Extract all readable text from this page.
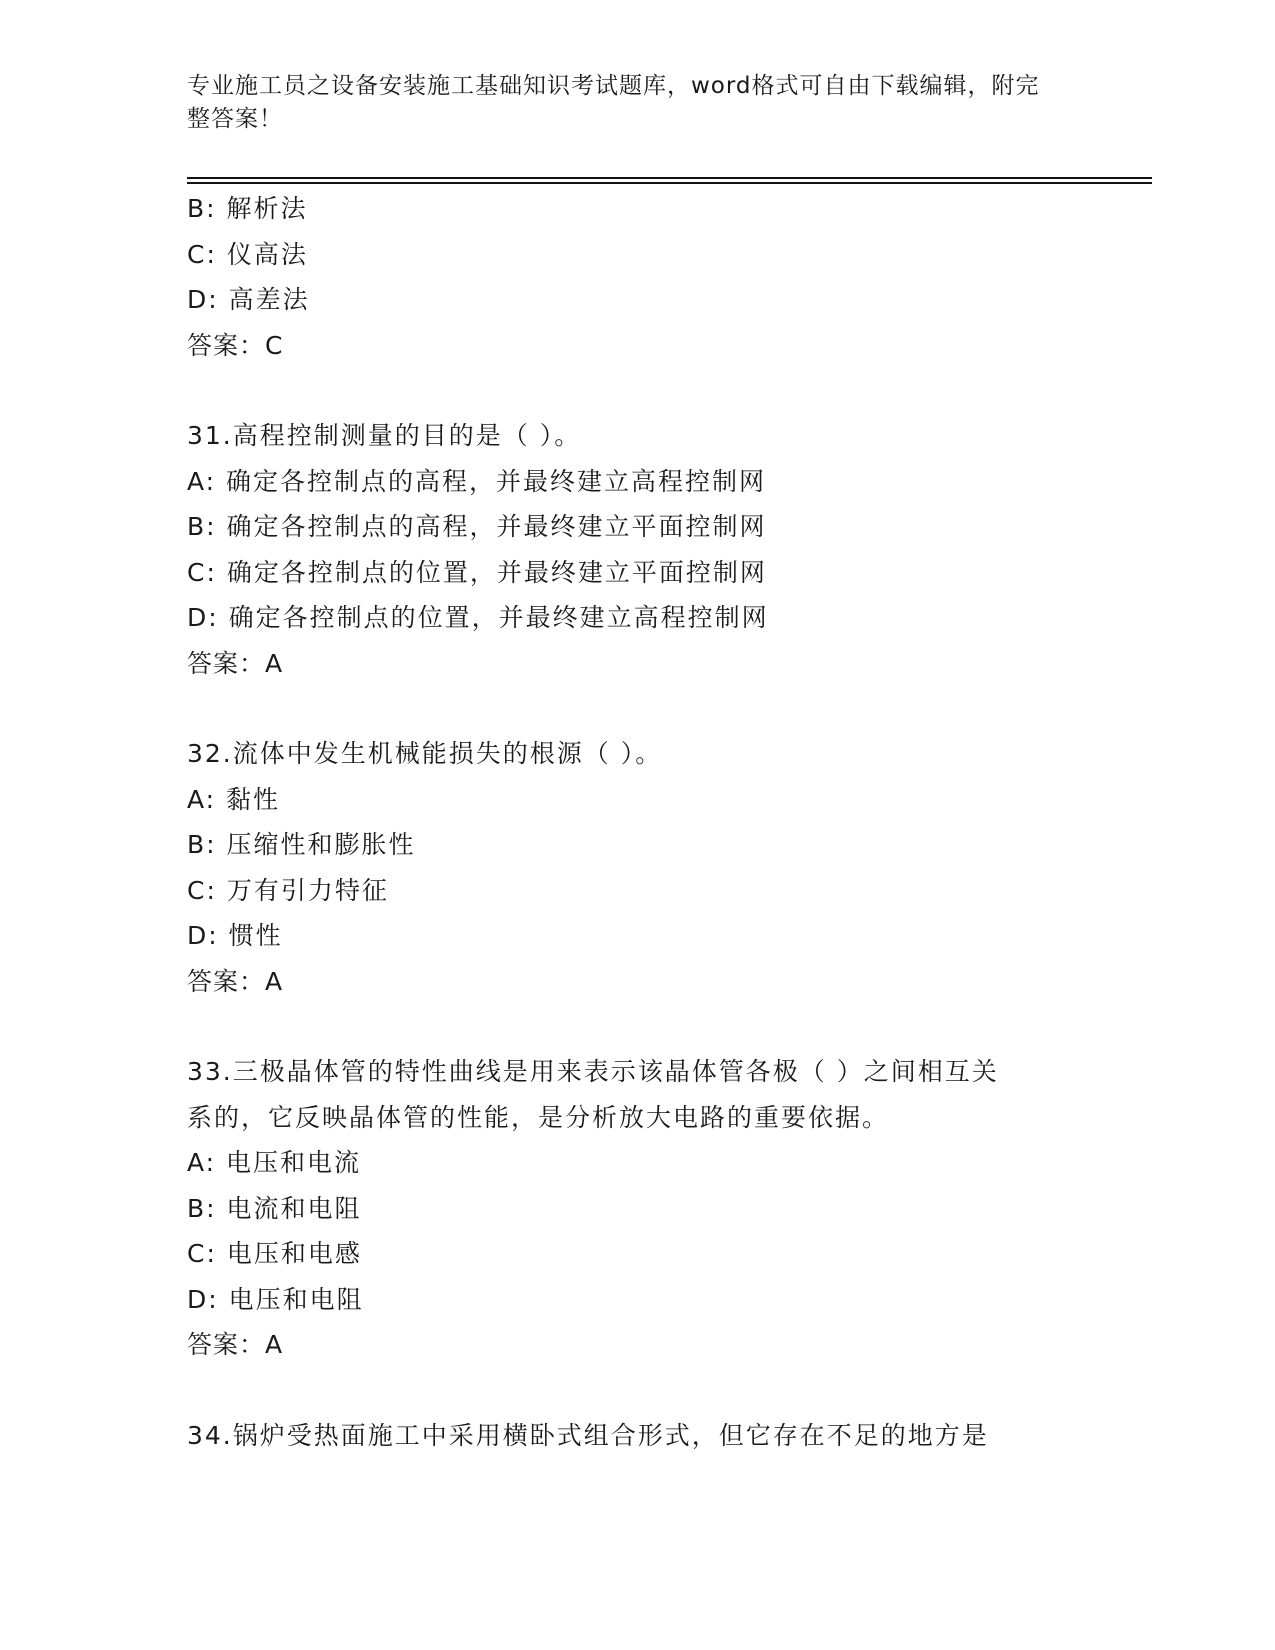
专业施工员之设备安装施工基础知识考试题库，word格式可自由下载编辑，附完
整答案！
B: 解析法
C: 仪高法
D: 高差法
答案：C
31.高程控制测量的目的是（ ）。
A: 确定各控制点的高程，并最终建立高程控制网
B: 确定各控制点的高程，并最终建立平面控制网
C: 确定各控制点的位置，并最终建立平面控制网
D: 确定各控制点的位置，并最终建立高程控制网
答案：A
32.流体中发生机械能损失的根源（ ）。
A: 黏性
B: 压缩性和膨胀性
C: 万有引力特征
D: 惯性
答案：A
33.三极晶体管的特性曲线是用来表示该晶体管各极（ ）之间相互关
系的，它反映晶体管的性能，是分析放大电路的重要依据。
A: 电压和电流
B: 电流和电阻
C: 电压和电感
D: 电压和电阻
答案：A
34.锅炉受热面施工中采用横卧式组合形式，但它存在不足的地方是
